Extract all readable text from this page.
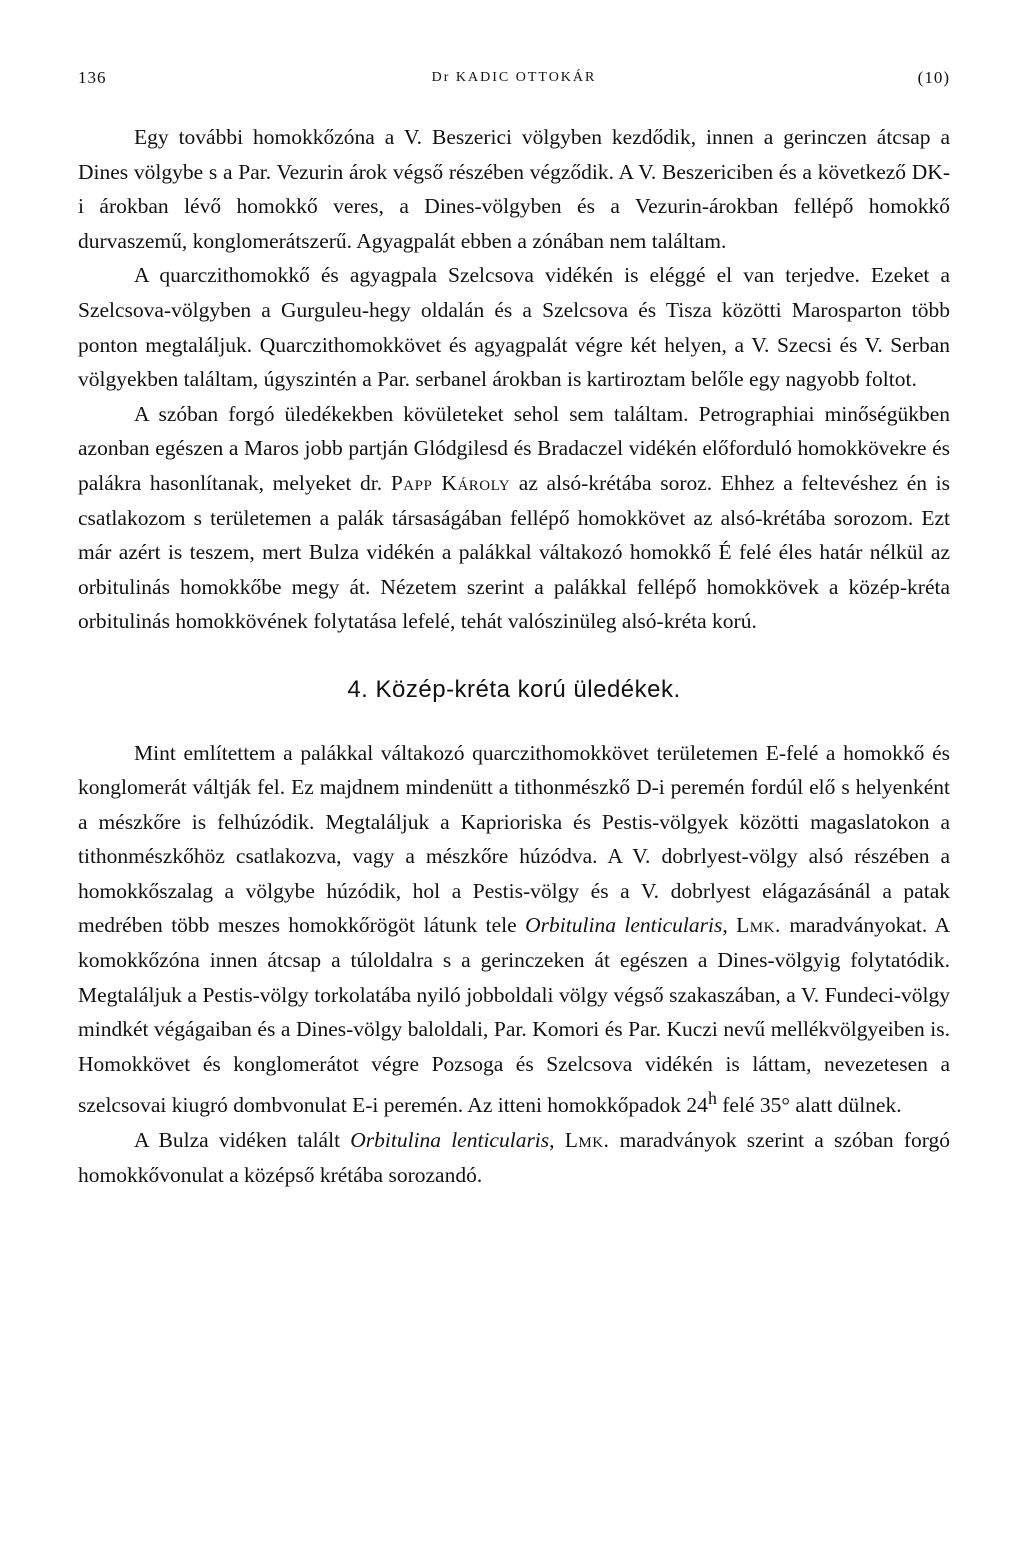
136	Dr KADIC OTTOKÁR	(10)

Egy további homokkőzóna a V. Beszerici völgyben kezdődik, innen a gerinczen átcsap a Dines völgybe s a Par. Vezurin árok végső részében végződik. A V. Beszericiben és a következő DK-i árokban lévő homokkő veres, a Dines-völgyben és a Vezurin-árokban fellépő homokkő durvaszemű, konglomerátszerű. Agyagpalát ebben a zónában nem találtam.

A quarczithomokkő és agyagpala Szelcsova vidékén is eléggé el van terjedve. Ezeket a Szelcsova-völgyben a Gurguleu-hegy oldalán és a Szelcsova és Tisza közötti Marosparton több ponton megtaláljuk. Quarczithomokkövet és agyagpalát végre két helyen, a V. Szecsi és V. Serban völgyekben találtam, úgyszintén a Par. serbanel árokban is kartiroztam belőle egy nagyobb foltot.

A szóban forgó üledékekben kövületeket sehol sem találtam. Petrographiai minőségükben azonban egészen a Maros jobb partján Glódgilesd és Bradaczel vidékén előforduló homokkövekre és palákra hasonlítanak, melyeket dr. Papp Károly az alsó-krétába soroz. Ehhez a feltevéshez én is csatlakozom s területemen a palák társaságában fellépő homokkövet az alsó-krétába sorozom. Ezt már azért is teszem, mert Bulza vidékén a palákkal váltakozó homokkő É felé éles határ nélkül az orbitulinás homokkőbe megy át. Nézetem szerint a palákkal fellépő homokkövek a közép-kréta orbitulinás homokkövének folytatása lefelé, tehát valószinüleg alsó-kréta korú.

4. Közép-kréta korú üledékek.

Mint említettem a palákkal váltakozó quarczithomokkövet területemen E-felé a homokkő és konglomerát váltják fel. Ez majdnem mindenütt a tithonmészkő D-i peremén fordúl elő s helyenként a mészkőre is felhúzódik. Megtaláljuk a Kaprioriska és Pestis-völgyek közötti magaslatokon a tithonmészkőhöz csatlakozva, vagy a mészkőre húzódva. A V. dobrlyest-völgy alsó részében a homokkőszalag a völgybe húzódik, hol a Pestis-völgy és a V. dobrlyest elágazásánál a patak medrében több meszes homokkőrögöt látunk tele Orbitulina lenticularis, Lmk. maradványokat. A komokkőzóna innen átcsap a túloldalra s a gerinczeken át egészen a Dines-völgyig folytatódik. Megtaláljuk a Pestis-völgy torkolatába nyiló jobboldali völgy végső szakaszában, a V. Fundeci-völgy mindkét végágaiban és a Dines-völgy baloldali, Par. Komori és Par. Kuczi nevű mellékvölgyeiben is. Homokkövet és konglomerátot végre Pozsoga és Szelcsova vidékén is láttam, nevezetesen a szelcsovai kiugró dombvonulat E-i peremén. Az itteni homokkőpadok 24$^h$ felé 35° alatt dülnek.

A Bulza vidéken talált Orbitulina lenticularis, Lmk. maradványok szerint a szóban forgó homokkővonulat a középső krétába sorozandó.
